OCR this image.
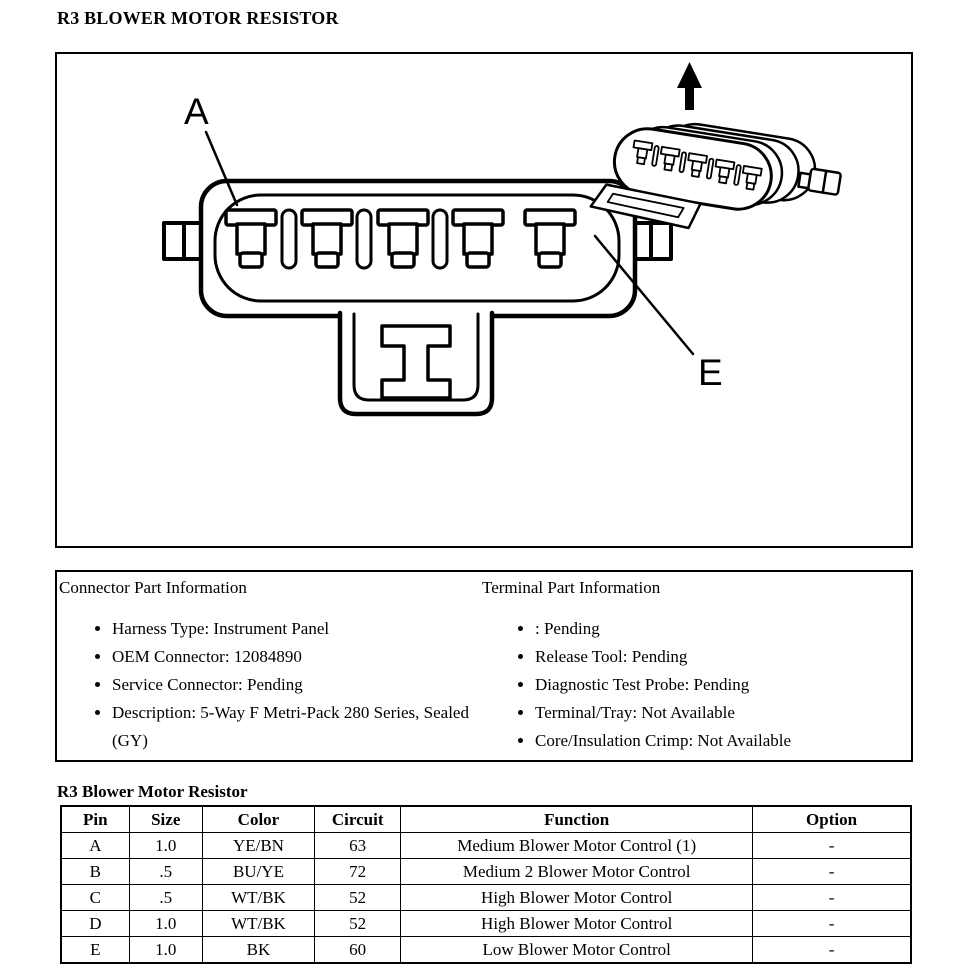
R3 BLOWER MOTOR RESISTOR
A
E
Connector Part Information
• Harness Type: Instrument Panel
• OEM Connector: 12084890
• Service Connector: Pending
• Description: 5-Way F Metri-Pack 280 Series, Sealed (GY)
Terminal Part Information
• : Pending
• Release Tool: Pending
• Diagnostic Test Probe: Pending
• Terminal/Tray: Not Available
• Core/Insulation Crimp: Not Available
R3 Blower Motor Resistor
Pin	Size	Color	Circuit	Function	Option
A	1.0	YE/BN	63	Medium Blower Motor Control (1)	-
B	.5	BU/YE	72	Medium 2 Blower Motor Control	-
C	.5	WT/BK	52	High Blower Motor Control	-
D	1.0	WT/BK	52	High Blower Motor Control	-
E	1.0	BK	60	Low Blower Motor Control	-
